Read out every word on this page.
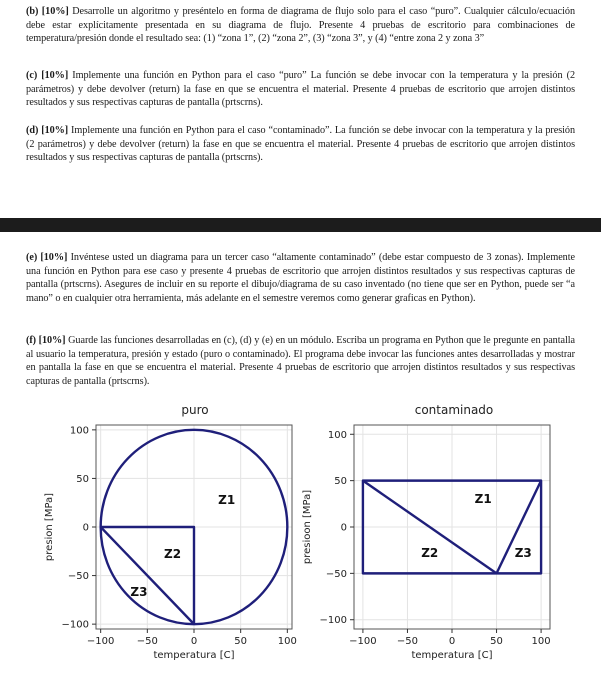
(b) [10%] Desarrolle un algoritmo y preséntelo en forma de diagrama de flujo solo para el caso “puro”. Cualquier cálculo/ecuación debe estar explícitamente presentada en su diagrama de flujo. Presente 4 pruebas de escritorio para combinaciones de temperatura/presión donde el resultado sea: (1) “zona 1”, (2) “zona 2”, (3) “zona 3”, y (4) “entre zona 2 y zona 3”
(c) [10%] Implemente una función en Python para el caso “puro” La función se debe invocar con la temperatura y la presión (2 parámetros) y debe devolver (return) la fase en que se encuentra el material. Presente 4 pruebas de escritorio que arrojen distintos resultados y sus respectivas capturas de pantalla (prtscrns).
(d) [10%] Implemente una función en Python para el caso “contaminado”. La función se debe invocar con la temperatura y la presión (2 parámetros) y debe devolver (return) la fase en que se encuentra el material. Presente 4 pruebas de escritorio que arrojen distintos resultados y sus respectivas capturas de pantalla (prtscrns).
(e) [10%] Invéntese usted un diagrama para un tercer caso “altamente contaminado” (debe estar compuesto de 3 zonas). Implemente una función en Python para ese caso y presente 4 pruebas de escritorio que arrojen distintos resultados y sus respectivas capturas de pantalla (prtscrns). Asegures de incluir en su reporte el dibujo/diagrama de su caso inventado (no tiene que ser en Python, puede ser “a mano” o en cualquier otra herramienta, más adelante en el semestre veremos como generar graficas en Python).
(f) [10%] Guarde las funciones desarrolladas en (c), (d) y (e) en un módulo. Escriba un programa en Python que le pregunte en pantalla al usuario la temperatura, presión y estado (puro o contaminado). El programa debe invocar las funciones antes desarrolladas y mostrar en pantalla la fase en que se encuentra el material. Presente 4 pruebas de escritorio que arrojen distintos resultados y sus respectivas capturas de pantalla (prtscrns).
puro
−100 −50	0	50	100
−100
−50
0
50
100
temperatura [C]
presion [MPa]	Z1
Z2
Z3
contaminado
−100 −50	0	50	100
−100
−50
0
50
100
temperatura [C]
presioon [MPa]	Z1
Z2	Z3
